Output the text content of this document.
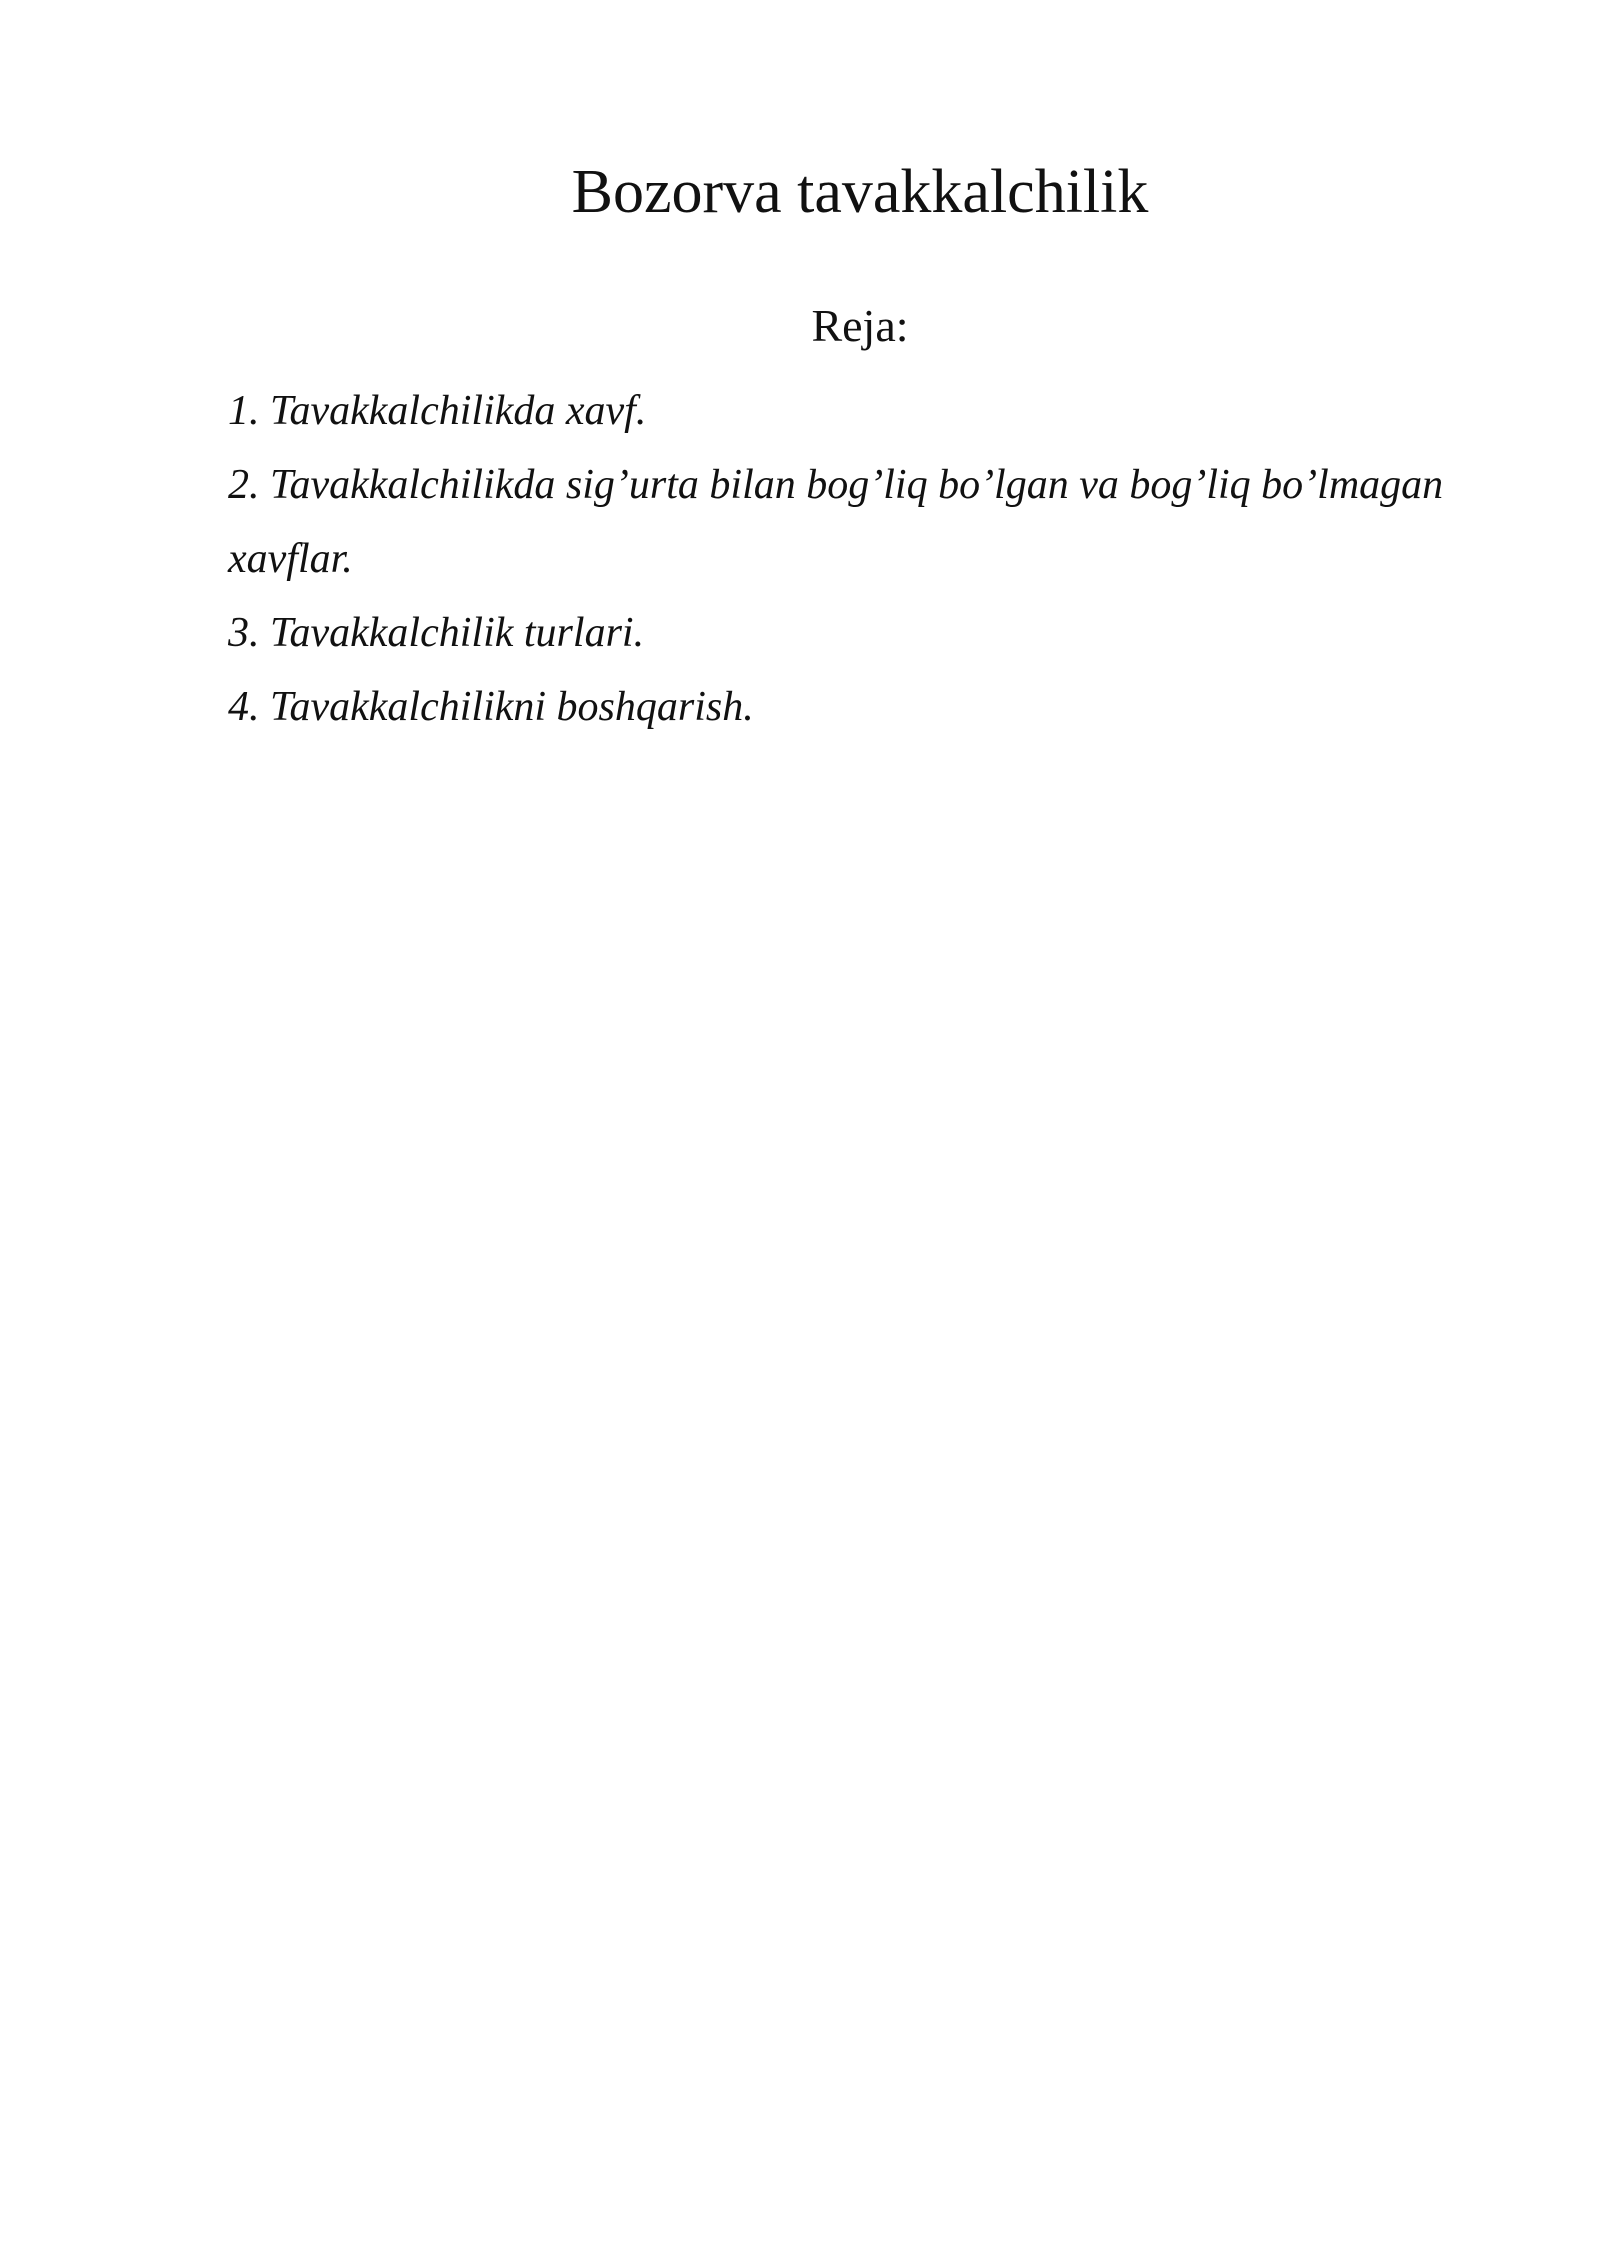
Bozorva tavakkalchilik
Reja:
1. Tavakkalchilikda xavf.
2. Tavakkalchilikda sig’urta bilan bog’liq bo’lgan va bog’liq bo’lmagan xavflar.
3. Tavakkalchilik turlari.
4. Tavakkalchilikni boshqarish.
